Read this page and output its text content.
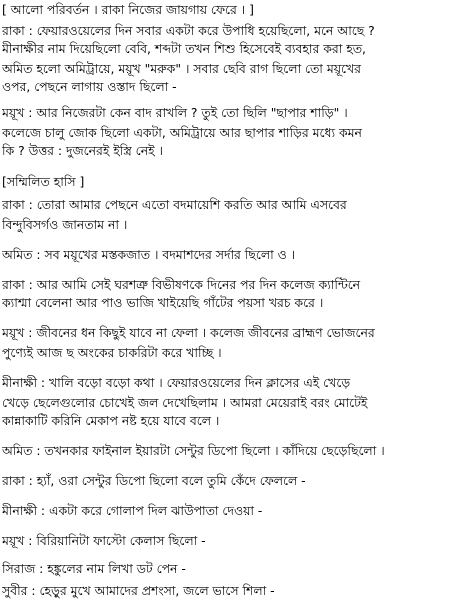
[ আলো পরিবর্তন । রাকা নিজের জায়গায় ফেরে । ]
রাকা : ফেয়ারওয়েলের দিন সবার একটা করে উপাধি হয়েছিলো, মনে আছে ?
মীনাক্ষীর নাম দিয়েছিলো বেবি, শব্দটা তখন শিশু হিসেবেই ব্যবহার করা হত,
অমিত হলো অমিট্রায়ে, ময়ূখ "মরুক" । সবার ছেবি রাগ ছিলো তো ময়ূখের
ওপর, পেছনে লাগায় ওস্তাদ ছিলো -
ময়ূখ : আর নিজেরটা কেন বাদ রাখলি ? তুই তো ছিলি "ছাপার শাড়ি" ।
কলেজে চালু জোক ছিলো একটা, অমিট্রায়ে আর ছাপার শাড়ির মধ্যে কমন
কি ? উত্তর : দুজনেরই ইস্ত্রি নেই ।
[সম্মিলিত হাসি ]
রাকা : তোরা আমার পেছনে এতো বদমায়েশি করতি আর আমি এসবের
বিন্দুবিসর্গও জানতাম না ।
অমিত : সব ময়ূখের মস্তকজাত । বদমাশদের সর্দার ছিলো ও ।
রাকা : আর আমি সেই ঘরশত্রু বিভীষণকে দিনের পর দিন কলেজ ক্যান্টিনে
ক্যাশ্মা বেলেনা আর পাও ভাজি খাইয়েছি গাঁটের পয়সা খরচ করে ।
ময়ূখ : জীবনের ধন কিছুই যাবে না ফেলা । কলেজ জীবনের ব্রাহ্মণ ভোজনের
পুণ্যেই আজ ছ অংকের চাকরিটা করে খাচ্ছি ।
মীনাক্ষী : খালি বড়ো বড়ো কথা । ফেয়ারওয়েলের দিন ক্লাসের এই খেড়ে
খেড়ে ছেলেগুলোর চোখেই জল দেখেছিলাম । আমরা মেয়েরাই বরং মোটেই
কান্নাকাটি করিনি মেকাপ নষ্ট হয়ে যাবে বলে ।
অমিত : তখনকার ফাইনাল ইয়ারটা সেন্টুর ডিপো ছিলো । কাঁদিয়ে ছেড়েছিলো ।
রাকা : হ্যাঁ, ওরা সেন্টুর ডিপো ছিলো বলে তুমি কেঁদে ফেললে -
মীনাক্ষী : একটা করে গোলাপ দিল ঝাউপাতা দেওয়া -
ময়ূখ : বিরিয়ানিটা ফাস্টো কেলাস ছিলো -
সিরাজ : হঙ্কুলের নাম লিখা ডট পেন -
সুবীর : হেড়ুর মুখে আমাদের প্রশংসা, জলে ভাসে শিলা -
